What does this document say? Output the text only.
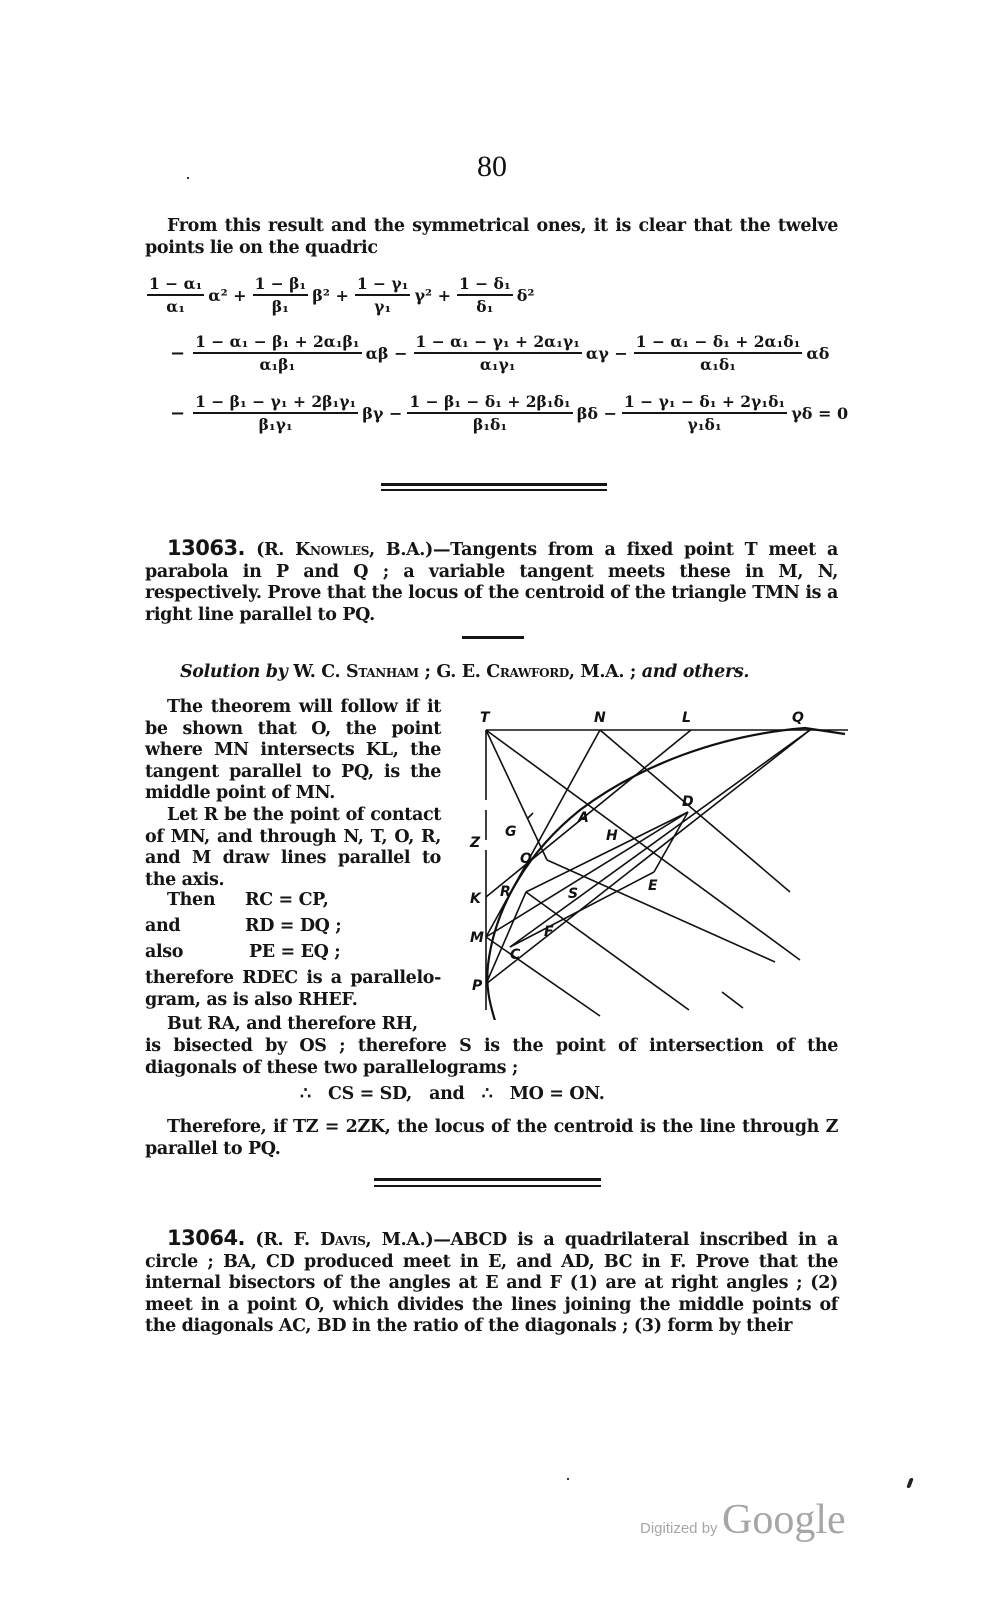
80
From this result and the symmetrical ones, it is clear that the twelve points lie on the quadric
$\frac{\text{1 − α₁}}{\text{α₁}} \alpha^2 + \frac{\text{1 − β₁}}{\text{β₁}} \beta^2 + \frac{\text{1 − γ₁}}{\text{γ₁}} \gamma^2 + \frac{\text{1 − δ₁}}{\text{δ₁}} \delta^2$
− $\frac{\text{1 − α₁ − β₁ + 2α₁β₁}}{\text{α₁β₁}}$ $\alpha\beta - \frac{\text{1 − α₁ − γ₁ + 2α₁γ₁}}{\text{α₁γ₁}}$ $\alpha\gamma - \frac{\text{1 − α₁ − δ₁ + 2α₁δ₁}}{\text{α₁δ₁}}$ αδ
− $\frac{\text{1 − β₁ − γ₁ + 2β₁γ₁}}{\text{β₁γ₁}}$ $\beta\gamma - \frac{\text{1 − β₁ − δ₁ + 2β₁δ₁}}{\text{β₁δ₁}}$ $\beta\delta - \frac{\text{1 − γ₁ − δ₁ + 2γ₁δ₁}}{\text{γ₁δ₁}}$ γδ = 0
13063. (R. Knowles, B.A.)—Tangents from a fixed point T meet a parabola in P and Q ; a variable tangent meets these in M, N, respectively. Prove that the locus of the centroid of the triangle TMN is a right line parallel to PQ.
Solution by W. C. Stanham ; G. E. Crawford, M.A. ; and others.
The theorem will follow if it be shown that O, the point where MN intersects KL, the tangent parallel to PQ, is the middle point of MN.
Let R be the point of contact of MN, and through N, T, O, R, and M draw lines parallel to the axis.
Then	RC = CP,
and	RD = DQ ;
also	PE = EQ ;
therefore RDEC is a parallelo-
gram, as is also RHEF.
But RA, and therefore RH,
is bisected by OS ; therefore S is the point of intersection of the diagonals of these two parallelograms ;
∴   CS = SD,   and   ∴   MO = ON.
Therefore, if TZ = 2ZK, the locus of the centroid is the line through Z parallel to PQ.
13064. (R. F. Davis, M.A.)—ABCD is a quadrilateral inscribed in a circle ; BA, CD produced meet in E, and AD, BC in F. Prove that the internal bisectors of the angles at E and F (1) are at right angles ; (2) meet in a point O, which divides the lines joining the middle points of the diagonals AC, BD in the ratio of the diagonals ; (3) form by their
T	N	L	Q
D
A
H
G
Z
O
K R	S	E
M	F
C
P
Digitized by Google
